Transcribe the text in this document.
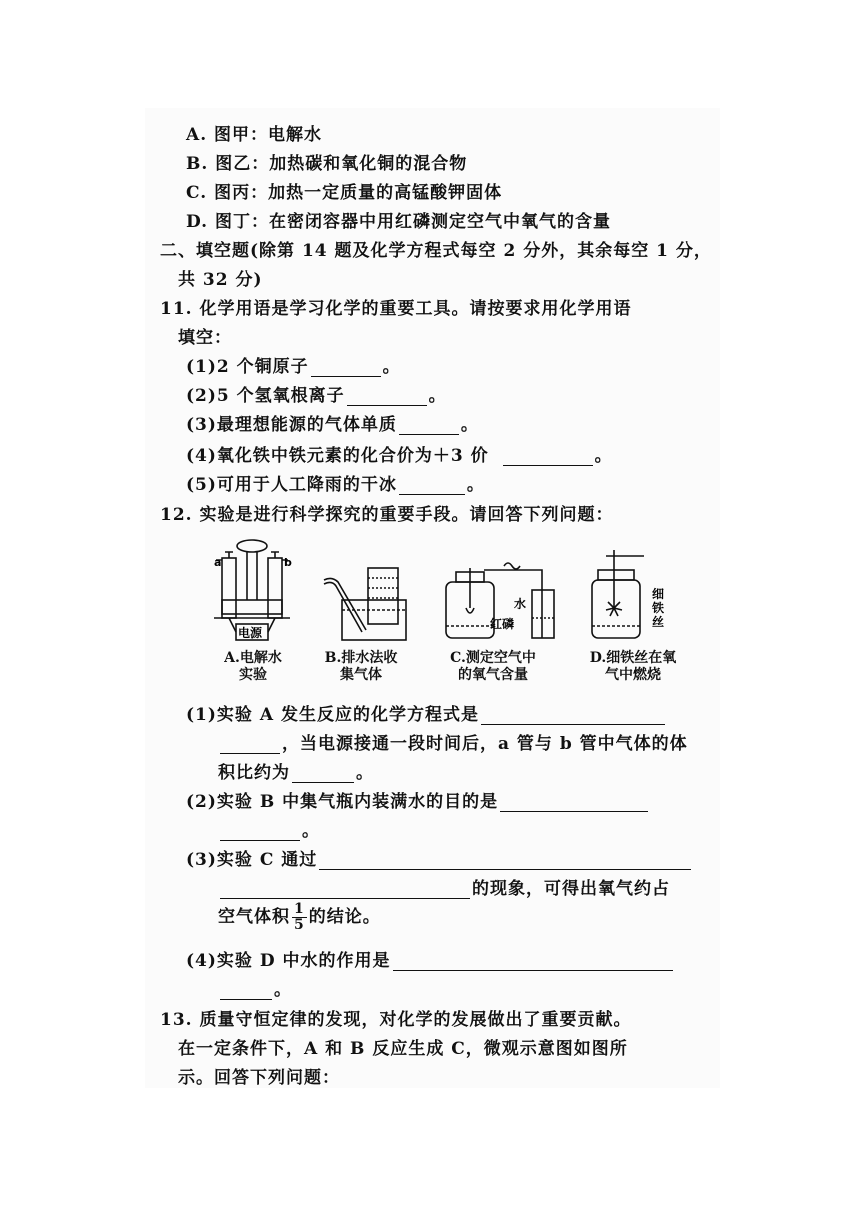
A. 图甲：电解水
B. 图乙：加热碳和氧化铜的混合物
C. 图丙：加热一定质量的高锰酸钾固体
D. 图丁：在密闭容器中用红磷测定空气中氧气的含量
二、填空题(除第 14 题及化学方程式每空 2 分外，其余每空 1 分，
共 32 分)
11. 化学用语是学习化学的重要工具。请按要求用化学用语
填空：
(1)2 个铜原子	。
(2)5 个氢氧根离子	。
(3)最理想能源的气体单质	。
(4)氧化铁中铁元素的化合价为＋3 价	。
(5)可用于人工降雨的干冰	。
12. 实验是进行科学探究的重要手段。请回答下列问题：
a	b
电源
水
红磷
细
铁
丝
A.电解水
实验
B.排水法收
集气体
C.测定空气中
的氧气含量
D.细铁丝在氧
气中燃烧
(1)实验 A 发生反应的化学方程式是
，当电源接通一段时间后，a 管与 b 管中气体的体
积比约为	。
(2)实验 B 中集气瓶内装满水的目的是
。
(3)实验 C 通过
的现象，可得出氧气约占
空气体积 $\frac{1}{5}$ 的结论。
(4)实验 D 中水的作用是
。
13. 质量守恒定律的发现，对化学的发展做出了重要贡献。
在一定条件下，A 和 B 反应生成 C，微观示意图如图所
示。回答下列问题：
